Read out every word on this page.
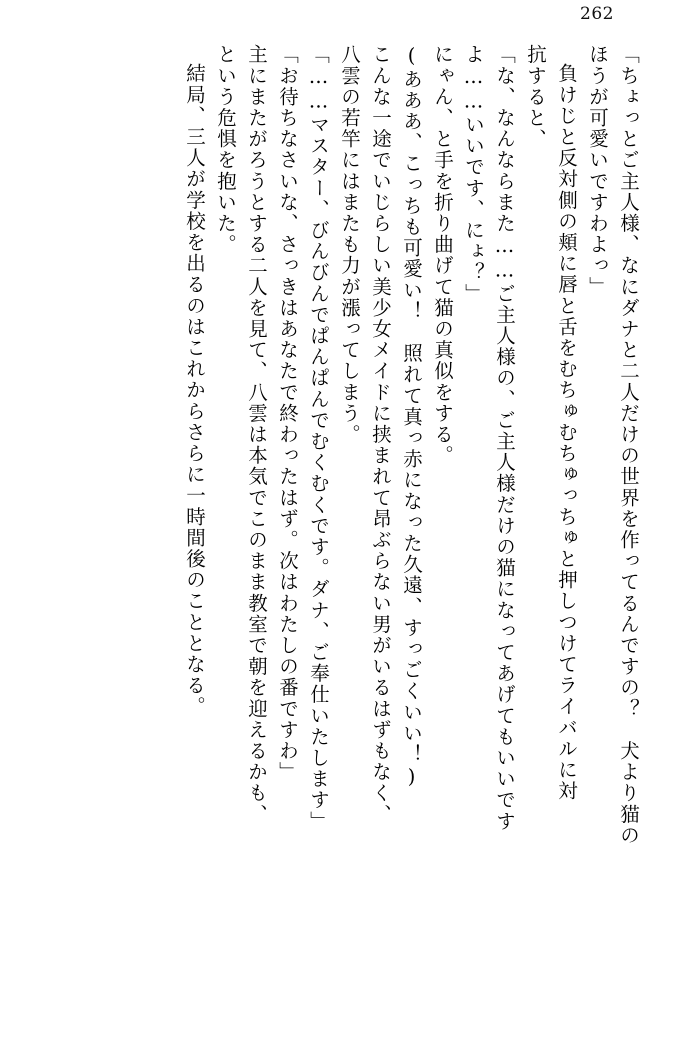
262
「ちょっとご主人様、なにダナと二人だけの世界を作ってるんですの？　犬より猫の
ほうが可愛いですわよっ」
負けじと反対側の頬に唇と舌をむちゅむちゅっちゅと押しつけてライバルに対
抗すると、
「な、なんならまた……ご主人様の、ご主人様だけの猫になってあげてもいいです
よ……いいです、にょ？」
にゃん、と手を折り曲げて猫の真似をする。
(あああ、こっちも可愛い！　照れて真っ赤になった久遠、すっごくいい！)
こんな一途でいじらしい美少女メイドに挟まれて昂ぶらない男がいるはずもなく、
八雲の若竿にはまたも力が漲ってしまう。
「……マスター、びんびんでぱんぱんでむくむくです。ダナ、ご奉仕いたします」
「お待ちなさいな、さっきはあなたで終わったはず。次はわたしの番ですわ」
主にまたがろうとする二人を見て、八雲は本気でこのまま教室で朝を迎えるかも、
という危惧を抱いた。
結局、三人が学校を出るのはこれからさらに一時間後のこととなる。
